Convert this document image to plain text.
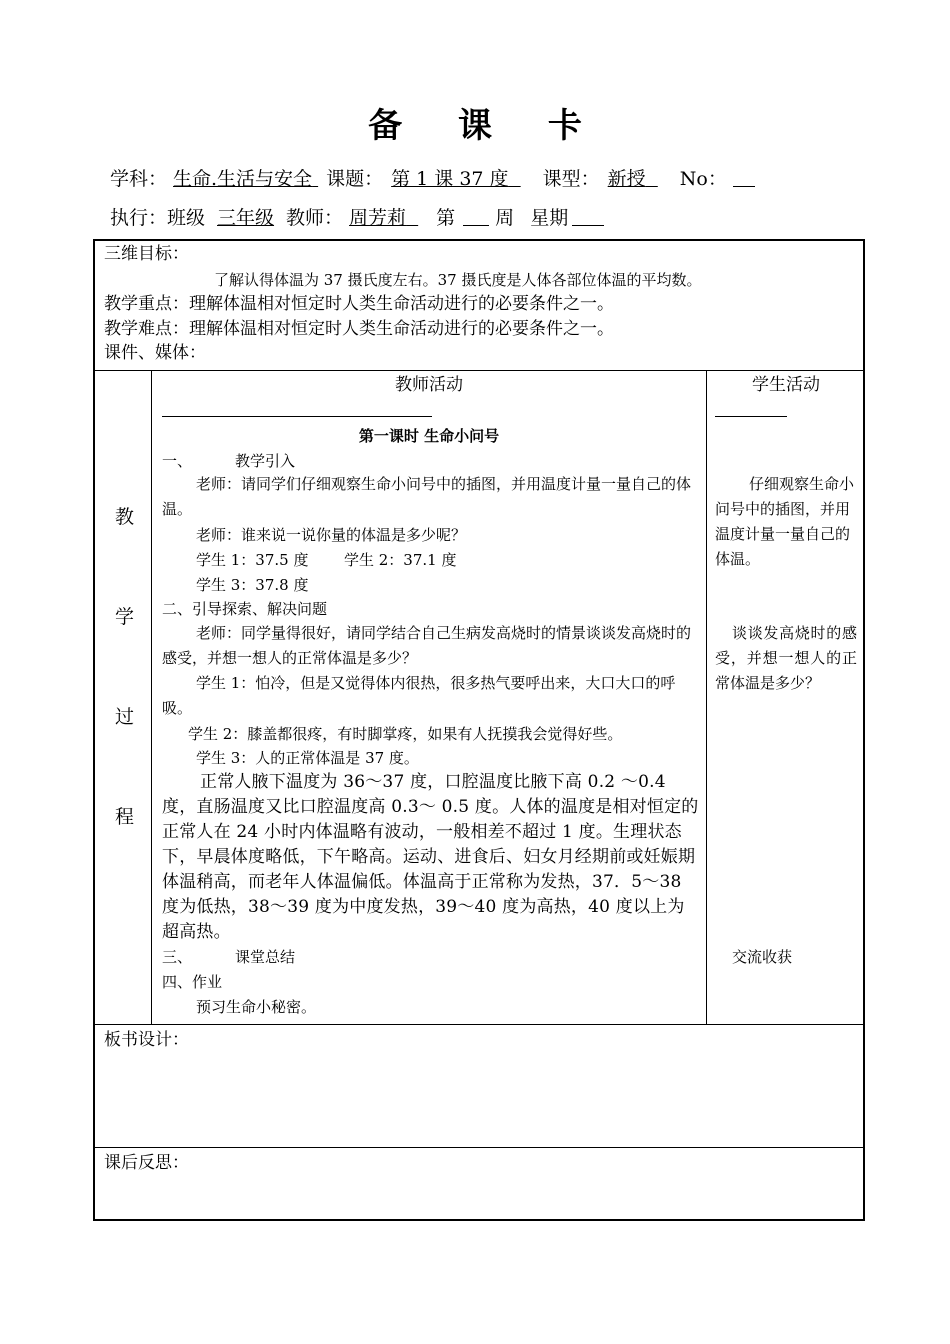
备 课 卡
学科： 生命.生活与安全 课题： 第 1 课 37 度 课型： 新授 No：
执行：班级 三年级 教师： 周芳莉 第 周 星期
三维目标：
了解认得体温为 37 摄氏度左右。37 摄氏度是人体各部位体温的平均数。
教学重点：理解体温相对恒定时人类生命活动进行的必要条件之一。
教学难点：理解体温相对恒定时人类生命活动进行的必要条件之一。
课件、媒体：
教
学
过
程
教师活动
第一课时 生命小问号
一、	教学引入
老师：请同学们仔细观察生命小问号中的插图，并用温度计量一量自己的体温。
老师：谁来说一说你量的体温是多少呢？
学生 1：37.5 度 学生 2：37.1 度
学生 3：37.8 度
二、引导探索、解决问题
老师：同学量得很好，请同学结合自己生病发高烧时的情景谈谈发高烧时的感受，并想一想人的正常体温是多少？
学生 1：怕冷，但是又觉得体内很热，很多热气要呼出来，大口大口的呼吸。
学生 2：膝盖都很疼，有时脚掌疼，如果有人抚摸我会觉得好些。
学生 3：人的正常体温是 37 度。
正常人腋下温度为 36～37 度，口腔温度比腋下高 0.2 ～0.4 度，直肠温度又比口腔温度高 0.3～ 0.5 度。人体的温度是相对恒定的正常人在 24 小时内体温略有波动，一般相差不超过 1 度。生理状态下，早晨体度略低，下午略高。运动、进食后、妇女月经期前或妊娠期体温稍高，而老年人体温偏低。体温高于正常称为发热，37．5～38 度为低热，38～39 度为中度发热，39～40 度为高热，40 度以上为超高热。
三、	课堂总结
四、作业
预习生命小秘密。
学生活动
仔细观察生命小问号中的插图，并用温度计量一量自己的体温。
谈谈发高烧时的感受，并想一想人的正常体温是多少？
交流收获
板书设计：
课后反思：
